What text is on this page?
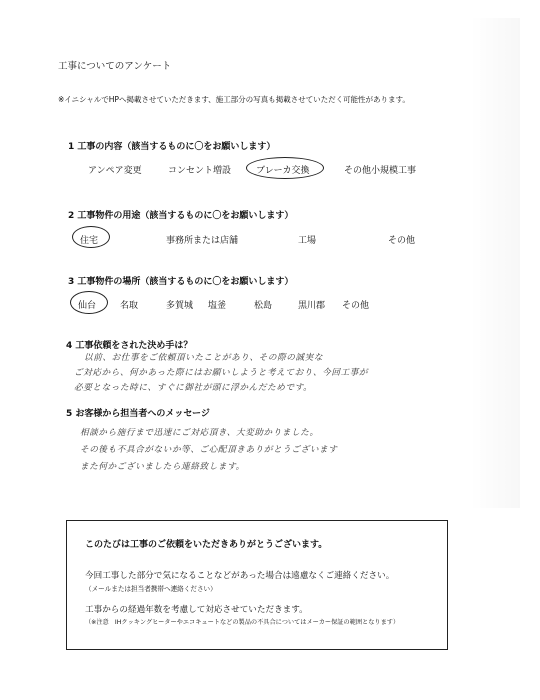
工事についてのアンケート
※イニシャルでHPへ掲載させていただきます、施工部分の写真も掲載させていただく可能性があります。
1 工事の内容（該当するものに〇をお願いします）
アンペア変更	コンセント増設	ブレーカ交換	その他小規模工事
2 工事物件の用途（該当するものに〇をお願いします）
住宅	事務所または店舗	工場	その他
3 工事物件の場所（該当するものに〇をお願いします）
仙台	名取	多賀城 塩釜	松島	黒川郡 その他
4 工事依頼をされた決め手は？
以前、お仕事をご依頼頂いたことがあり、その際の誠実な
ご対応から、何かあった際にはお願いしようと考えており、今回工事が
必要となった時に、すぐに御社が頭に浮かんだためです。
5 お客様から担当者へのメッセージ
相談から施行まで迅速にご対応頂き、大変助かりました。
その後も不具合がないか等、ご心配頂きありがとうございます
また何かございましたら連絡致します。
このたびは工事のご依頼をいただきありがとうございます。
今回工事した部分で気になることなどがあった場合は遠慮なくご連絡ください。
（メールまたは担当者携帯へ連絡ください）
工事からの経過年数を考慮して対応させていただきます。
（※注意　IHクッキングヒーターやエコキュートなどの製品の不具合についてはメーカー保証の範囲となります）
